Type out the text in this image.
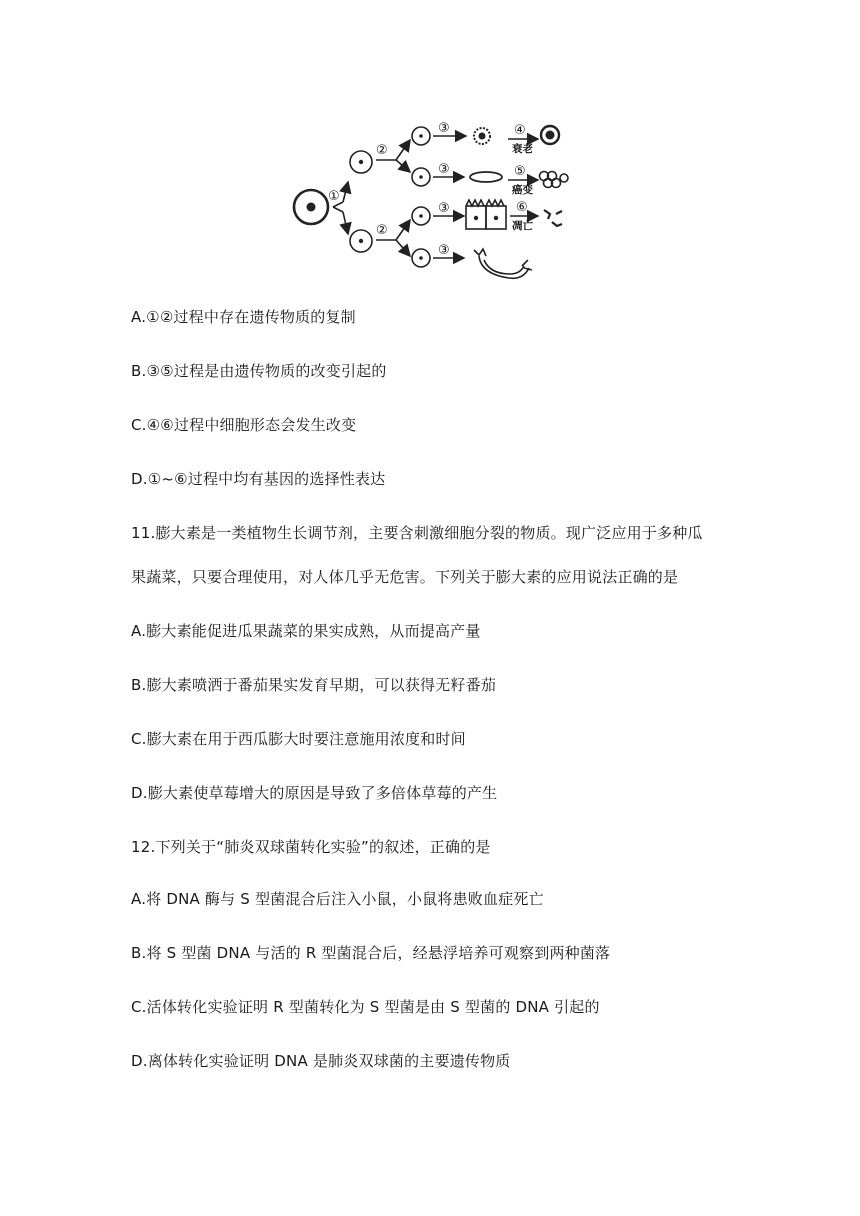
①
②
②
③
③
③
③
④
⑤
⑥
衰老
癌变
凋亡
A.①②过程中存在遗传物质的复制
B.③⑤过程是由遗传物质的改变引起的
C.④⑥过程中细胞形态会发生改变
D.①~⑥过程中均有基因的选择性表达
11.膨大素是一类植物生长调节剂，主要含刺激细胞分裂的物质。现广泛应用于多种瓜
果蔬菜，只要合理使用，对人体几乎无危害。下列关于膨大素的应用说法正确的是
A.膨大素能促进瓜果蔬菜的果实成熟，从而提高产量
B.膨大素喷洒于番茄果实发育早期，可以获得无籽番茄
C.膨大素在用于西瓜膨大时要注意施用浓度和时间
D.膨大素使草莓增大的原因是导致了多倍体草莓的产生
12.下列关于“肺炎双球菌转化实验”的叙述，正确的是
A.将 DNA 酶与 S 型菌混合后注入小鼠，小鼠将患败血症死亡
B.将 S 型菌 DNA 与活的 R 型菌混合后，经悬浮培养可观察到两种菌落
C.活体转化实验证明 R 型菌转化为 S 型菌是由 S 型菌的 DNA 引起的
D.离体转化实验证明 DNA 是肺炎双球菌的主要遗传物质
